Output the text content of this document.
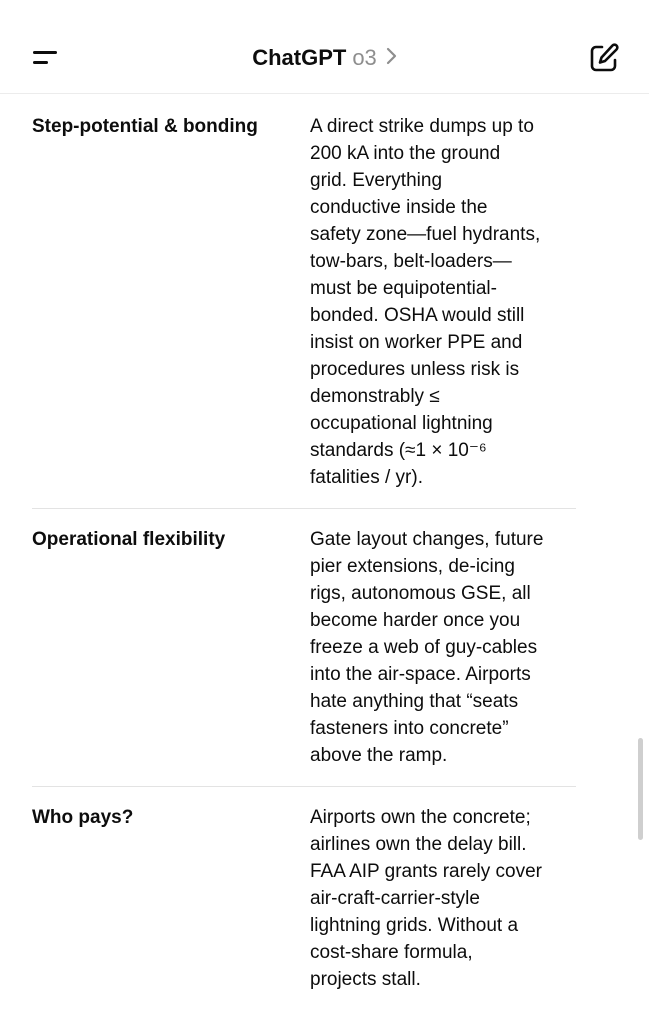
ChatGPT o3
Step-potential & bonding	A direct strike dumps up to
200 kA into the ground
grid. Everything
conductive inside the
safety zone—fuel hydrants,
tow-bars, belt-loaders—
must be equipotential-
bonded. OSHA would still
insist on worker PPE and
procedures unless risk is
demonstrably ≤
occupational lightning
standards (≈1 × 10⁻⁶
fatalities / yr).
Operational flexibility	Gate layout changes, future
pier extensions, de-icing
rigs, autonomous GSE, all
become harder once you
freeze a web of guy-cables
into the air-space. Airports
hate anything that “seats
fasteners into concrete”
above the ramp.
Who pays?	Airports own the concrete;
airlines own the delay bill.
FAA AIP grants rarely cover
air-craft-carrier-style
lightning grids. Without a
cost-share formula,
projects stall.
